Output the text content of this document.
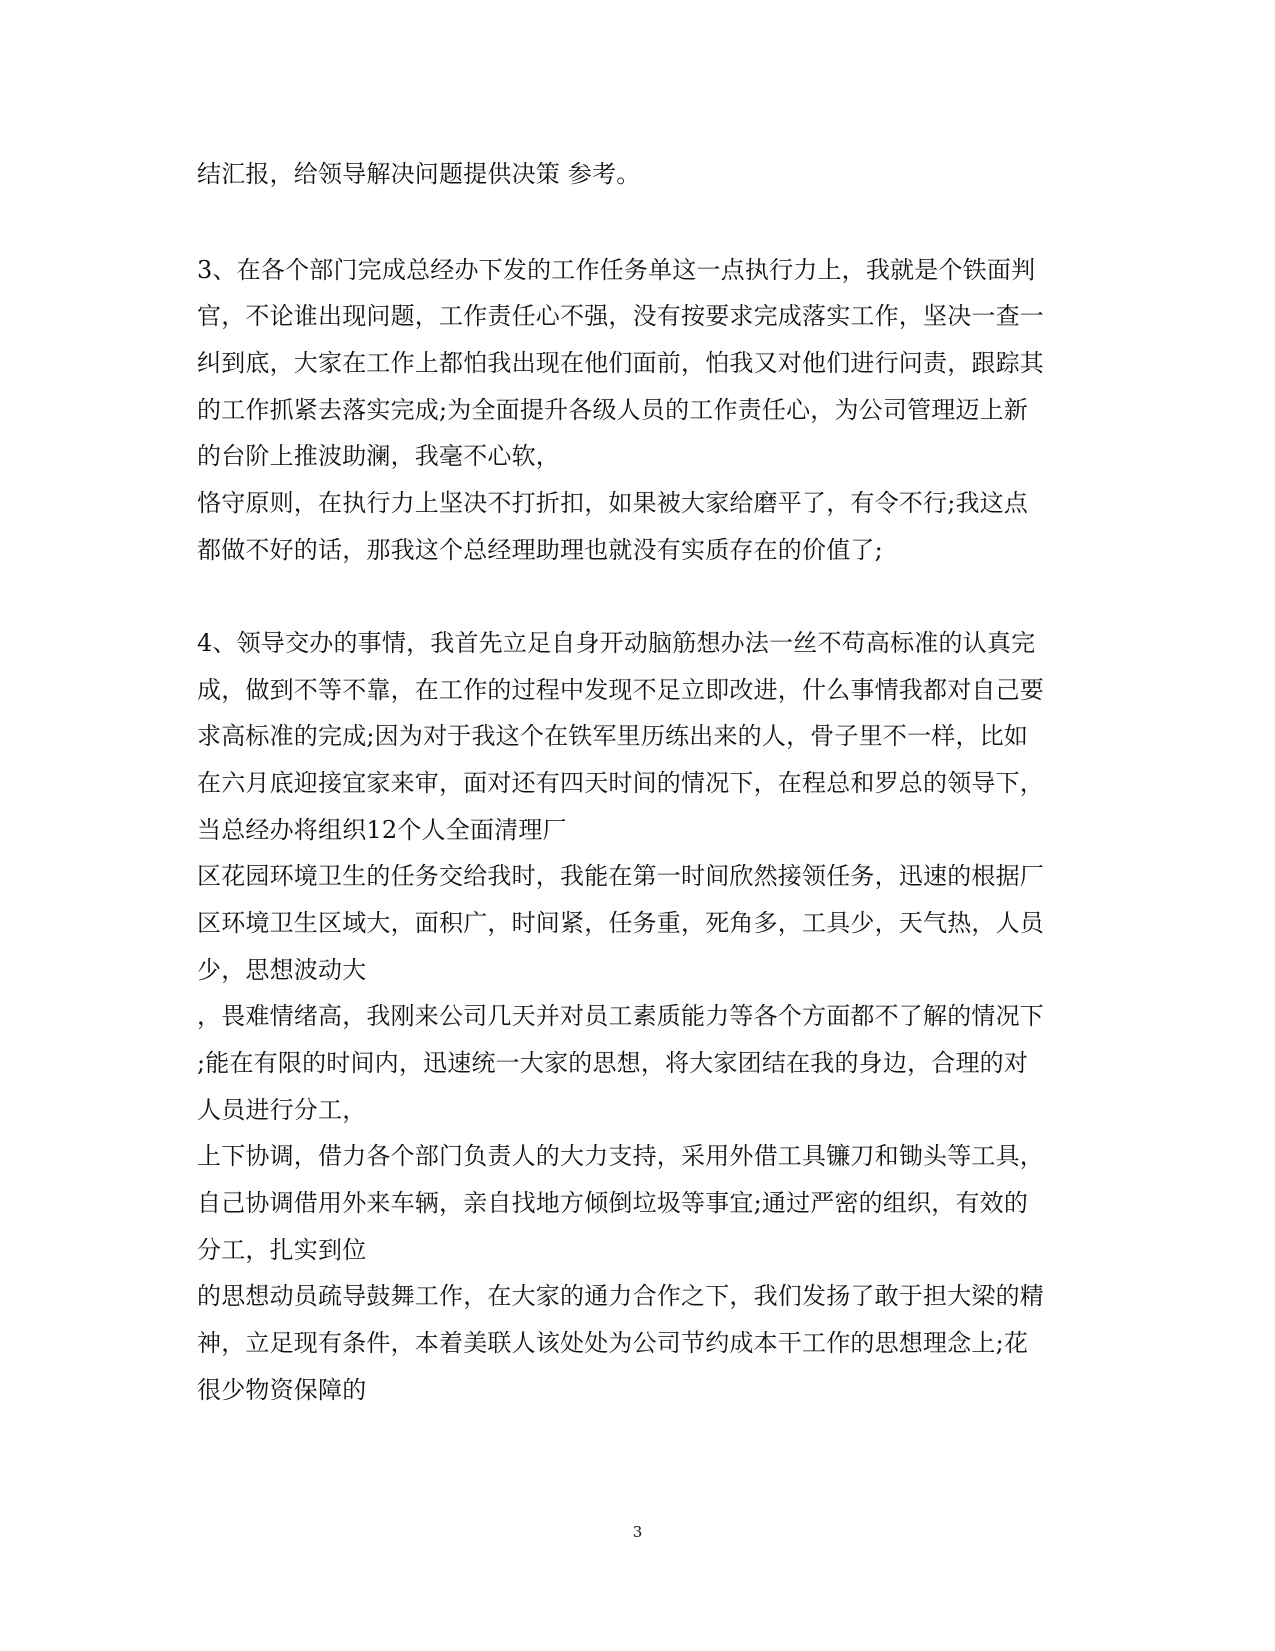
结汇报，给领导解决问题提供决策 参考。
3、在各个部门完成总经办下发的工作任务单这一点执行力上，我就是个铁面判
官，不论谁出现问题，工作责任心不强，没有按要求完成落实工作，坚决一查一
纠到底，大家在工作上都怕我出现在他们面前，怕我又对他们进行问责，跟踪其
的工作抓紧去落实完成;为全面提升各级人员的工作责任心，为公司管理迈上新
的台阶上推波助澜，我毫不心软，
恪守原则，在执行力上坚决不打折扣，如果被大家给磨平了，有令不行;我这点
都做不好的话，那我这个总经理助理也就没有实质存在的价值了;
4、领导交办的事情，我首先立足自身开动脑筋想办法一丝不苟高标准的认真完
成，做到不等不靠，在工作的过程中发现不足立即改进，什么事情我都对自己要
求高标准的完成;因为对于我这个在铁军里历练出来的人，骨子里不一样，比如
在六月底迎接宜家来审，面对还有四天时间的情况下，在程总和罗总的领导下，
当总经办将组织12个人全面清理厂
区花园环境卫生的任务交给我时，我能在第一时间欣然接领任务，迅速的根据厂
区环境卫生区域大，面积广，时间紧，任务重，死角多，工具少，天气热，人员
少，思想波动大
，畏难情绪高，我刚来公司几天并对员工素质能力等各个方面都不了解的情况下
;能在有限的时间内，迅速统一大家的思想，将大家团结在我的身边，合理的对
人员进行分工，
上下协调，借力各个部门负责人的大力支持，采用外借工具镰刀和锄头等工具，
自己协调借用外来车辆，亲自找地方倾倒垃圾等事宜;通过严密的组织，有效的
分工，扎实到位
的思想动员疏导鼓舞工作，在大家的通力合作之下，我们发扬了敢于担大梁的精
神，立足现有条件，本着美联人该处处为公司节约成本干工作的思想理念上;花
很少物资保障的
3
